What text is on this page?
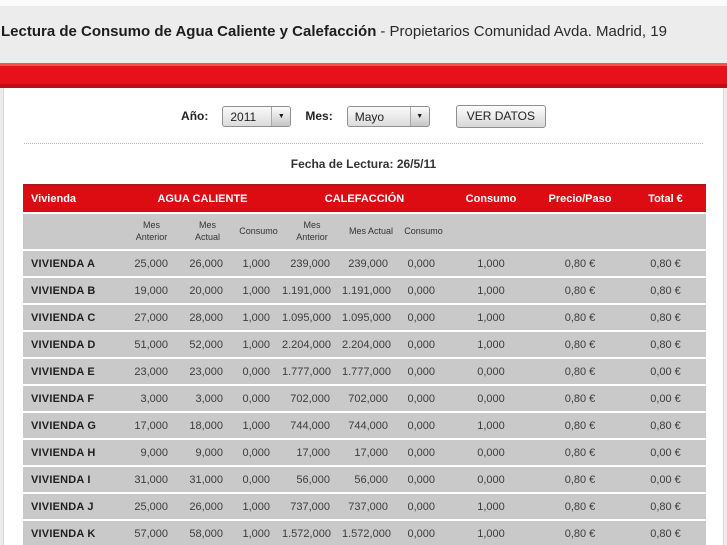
Lectura de Consumo de Agua Caliente y Calefacción - Propietarios Comunidad Avda. Madrid, 19
Año:	2011	▼	Mes:	Mayo	▼	VER DATOS
Fecha de Lectura: 26/5/11
Vivienda	AGUA CALIENTE			CALEFACCIÓN			Consumo	Precio/Paso	Total €
	Mes Anterior	Mes Actual	Consumo	Mes Anterior	Mes Actual	Consumo			
VIVIENDA A	25,000	26,000	1,000	239,000	239,000	0,000	1,000	0,80 €	0,80 €
VIVIENDA B	19,000	20,000	1,000	1.191,000	1.191,000	0,000	1,000	0,80 €	0,80 €
VIVIENDA C	27,000	28,000	1,000	1.095,000	1.095,000	0,000	1,000	0,80 €	0,80 €
VIVIENDA D	51,000	52,000	1,000	2.204,000	2.204,000	0,000	1,000	0,80 €	0,80 €
VIVIENDA E	23,000	23,000	0,000	1.777,000	1.777,000	0,000	0,000	0,80 €	0,00 €
VIVIENDA F	3,000	3,000	0,000	702,000	702,000	0,000	0,000	0,80 €	0,00 €
VIVIENDA G	17,000	18,000	1,000	744,000	744,000	0,000	1,000	0,80 €	0,80 €
VIVIENDA H	9,000	9,000	0,000	17,000	17,000	0,000	0,000	0,80 €	0,00 €
VIVIENDA I	31,000	31,000	0,000	56,000	56,000	0,000	0,000	0,80 €	0,00 €
VIVIENDA J	25,000	26,000	1,000	737,000	737,000	0,000	1,000	0,80 €	0,80 €
VIVIENDA K	57,000	58,000	1,000	1.572,000	1.572,000	0,000	1,000	0,80 €	0,80 €
